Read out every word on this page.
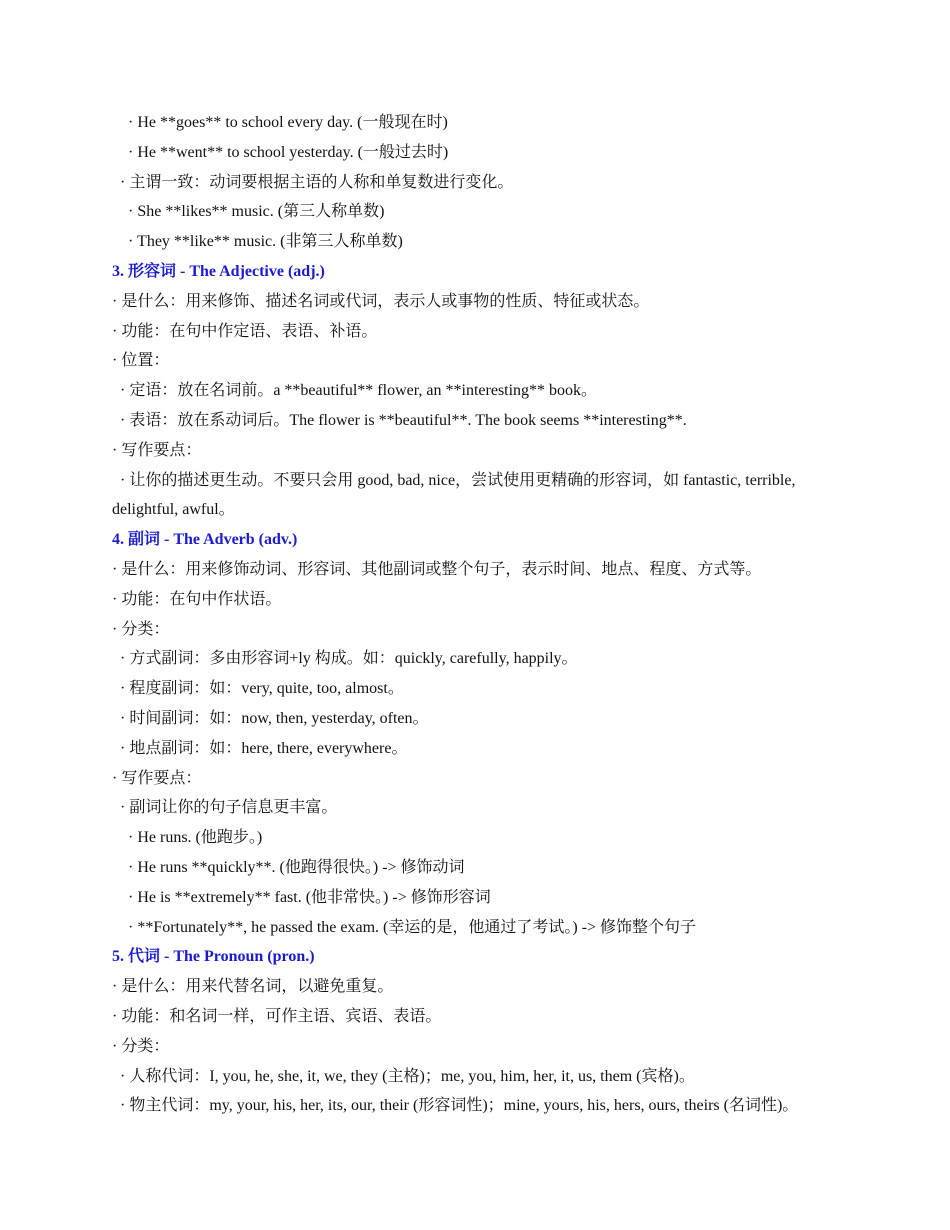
· He **goes** to school every day. (一般现在时)
· He **went** to school yesterday. (一般过去时)
· 主谓一致：动词要根据主语的人称和单复数进行变化。
· She **likes** music. (第三人称单数)
· They **like** music. (非第三人称单数)
3. 形容词 - The Adjective (adj.)
· 是什么：用来修饰、描述名词或代词，表示人或事物的性质、特征或状态。
· 功能：在句中作定语、表语、补语。
· 位置：
· 定语：放在名词前。a **beautiful** flower, an **interesting** book。
· 表语：放在系动词后。The flower is **beautiful**. The book seems **interesting**.
· 写作要点：
· 让你的描述更生动。不要只会用 good, bad, nice，尝试使用更精确的形容词，如 fantastic, terrible,
delightful, awful。
4. 副词 - The Adverb (adv.)
· 是什么：用来修饰动词、形容词、其他副词或整个句子，表示时间、地点、程度、方式等。
· 功能：在句中作状语。
· 分类：
· 方式副词：多由形容词+ly 构成。如：quickly, carefully, happily。
· 程度副词：如：very, quite, too, almost。
· 时间副词：如：now, then, yesterday, often。
· 地点副词：如：here, there, everywhere。
· 写作要点：
· 副词让你的句子信息更丰富。
· He runs. (他跑步。)
· He runs **quickly**. (他跑得很快。) -> 修饰动词
· He is **extremely** fast. (他非常快。) -> 修饰形容词
· **Fortunately**, he passed the exam. (幸运的是，他通过了考试。) -> 修饰整个句子
5. 代词 - The Pronoun (pron.)
· 是什么：用来代替名词，以避免重复。
· 功能：和名词一样，可作主语、宾语、表语。
· 分类：
· 人称代词：I, you, he, she, it, we, they (主格)；me, you, him, her, it, us, them (宾格)。
· 物主代词：my, your, his, her, its, our, their (形容词性)；mine, yours, his, hers, ours, theirs (名词性)。
